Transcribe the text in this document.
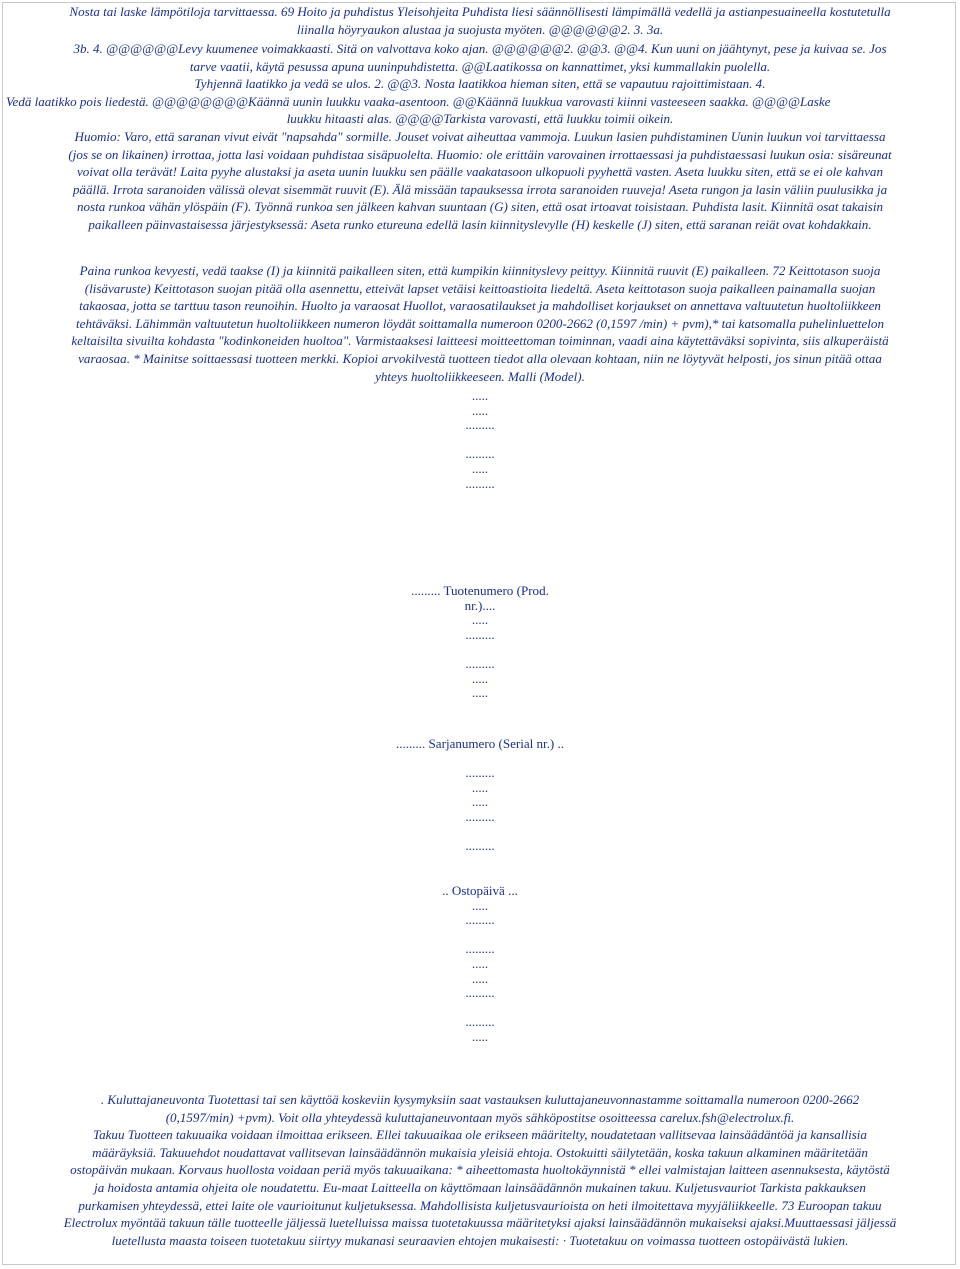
Nosta tai laske lämpötiloja tarvittaessa. 69 Hoito ja puhdistus Yleisohjeita Puhdista liesi säännöllisesti lämpimällä vedellä ja astianpesuaineella kostutetulla
liinalla höyryaukon alustaa ja suojusta myöten. @@@@@@2. 3. 3a.
3b. 4. @@@@@@Levy kuumenee voimakkaasti. Sitä on valvottava koko ajan. @@@@@@2. @@3. @@4. Kun uuni on jäähtynyt, pese ja kuivaa se. Jos
tarve vaatii, käytä pesussa apuna uuninpuhdistetta. @@Laatikossa on kannattimet, yksi kummallakin puolella.
Tyhjennä laatikko ja vedä se ulos. 2. @@3. Nosta laatikkoa hieman siten, että se vapautuu rajoittimistaan. 4.
Vedä laatikko pois liedestä. @@@@@@@@Käännä uunin luukku vaaka-asentoon. @@Käännä luukkua varovasti kiinni vasteeseen saakka. @@@@Laske
luukku hitaasti alas. @@@@Tarkista varovasti, että luukku toimii oikein.
Huomio: Varo, että saranan vivut eivät "napsahda" sormille. Jouset voivat aiheuttaa vammoja. Luukun lasien puhdistaminen Uunin luukun voi tarvittaessa
(jos se on likainen) irrottaa, jotta lasi voidaan puhdistaa sisäpuolelta. Huomio: ole erittäin varovainen irrottaessasi ja puhdistaessasi luukun osia: sisäreunat
voivat olla terävät! Laita pyyhe alustaksi ja aseta uunin luukku sen päälle vaakatasoon ulkopuoli pyyhettä vasten. Aseta luukku siten, että se ei ole kahvan
päällä. Irrota saranoiden välissä olevat sisemmät ruuvit (E). Älä missään tapauksessa irrota saranoiden ruuveja! Aseta rungon ja lasin väliin puulusikka ja
nosta runkoa vähän ylöspäin (F). Työnnä runkoa sen jälkeen kahvan suuntaan (G) siten, että osat irtoavat toisistaan. Puhdista lasit. Kiinnitä osat takaisin
paikalleen päinvastaisessa järjestyksessä: Aseta runko etureuna edellä lasin kiinnityslevylle (H) keskelle (J) siten, että saranan reiät ovat kohdakkain.
Paina runkoa kevyesti, vedä taakse (I) ja kiinnitä paikalleen siten, että kumpikin kiinnityslevy peittyy. Kiinnitä ruuvit (E) paikalleen. 72 Keittotason suoja
(lisävaruste) Keittotason suojan pitää olla asennettu, etteivät lapset vetäisi keittoastioita liedeltä. Aseta keittotason suoja paikalleen painamalla suojan
takaosaa, jotta se tarttuu tason reunoihin. Huolto ja varaosat Huollot, varaosatilaukset ja mahdolliset korjaukset on annettava valtuutetun huoltoliikkeen
tehtäväksi. Lähimmän valtuutetun huoltoliikkeen numeron löydät soittamalla numeroon 0200-2662 (0,1597 /min) + pvm),* tai katsomalla puhelinluettelon
keltaisilta sivuilta kohdasta "kodinkoneiden huoltoa". Varmistaaksesi laitteesi moitteettoman toiminnan, vaadi aina käytettäväksi sopivinta, siis alkuperäistä
varaosaa. * Mainitse soittaessasi tuotteen merkki. Kopioi arvokilvestä tuotteen tiedot alla olevaan kohtaan, niin ne löytyvät helposti, jos sinun pitää ottaa
yhteys huoltoliikkeeseen. Malli (Model).
.....
.....
.........

.........
.....
.........
......... Tuotenumero (Prod.
nr.)....
.....
.........

.........
.....
.....
......... Sarjanumero (Serial nr.) ..

.........
.....
.....
.........

.........
.. Ostopäivä ...
.....
.........

.........
.....
.....
.........

.........
.....
. Kuluttajaneuvonta Tuotettasi tai sen käyttöä koskeviin kysymyksiin saat vastauksen kuluttajaneuvonnastamme soittamalla numeroon 0200-2662
(0,1597/min) +pvm). Voit olla yhteydessä kuluttajaneuvontaan myös sähköpostitse osoitteessa carelux.fsh@electrolux.fi.
Takuu Tuotteen takuuaika voidaan ilmoittaa erikseen. Ellei takuuaikaa ole erikseen määritelty, noudatetaan vallitsevaa lainsäädäntöä ja kansallisia
määräyksiä. Takuuehdot noudattavat vallitsevan lainsäädännön mukaisia yleisiä ehtoja. Ostokuitti säilytetään, koska takuun alkaminen määritetään
ostopäivän mukaan. Korvaus huollosta voidaan periä myös takuuaikana: * aiheettomasta huoltokäynnistä * ellei valmistajan laitteen asennuksesta, käytöstä
ja hoidosta antamia ohjeita ole noudatettu. Eu-maat Laitteella on käyttömaan lainsäädännön mukainen takuu. Kuljetusvauriot Tarkista pakkauksen
purkamisen yhteydessä, ettei laite ole vaurioitunut kuljetuksessa. Mahdollisista kuljetusvaurioista on heti ilmoitettava myyjäliikkeelle. 73 Euroopan takuu
Electrolux myöntää takuun tälle tuotteelle jäljessä luetelluissa maissa tuotetakuussa määritetyksi ajaksi lainsäädännön mukaiseksi ajaksi.Muuttaessasi jäljessä
luetellusta maasta toiseen tuotetakuu siirtyy mukanasi seuraavien ehtojen mukaisesti: · Tuotetakuu on voimassa tuotteen ostopäivästä lukien.
